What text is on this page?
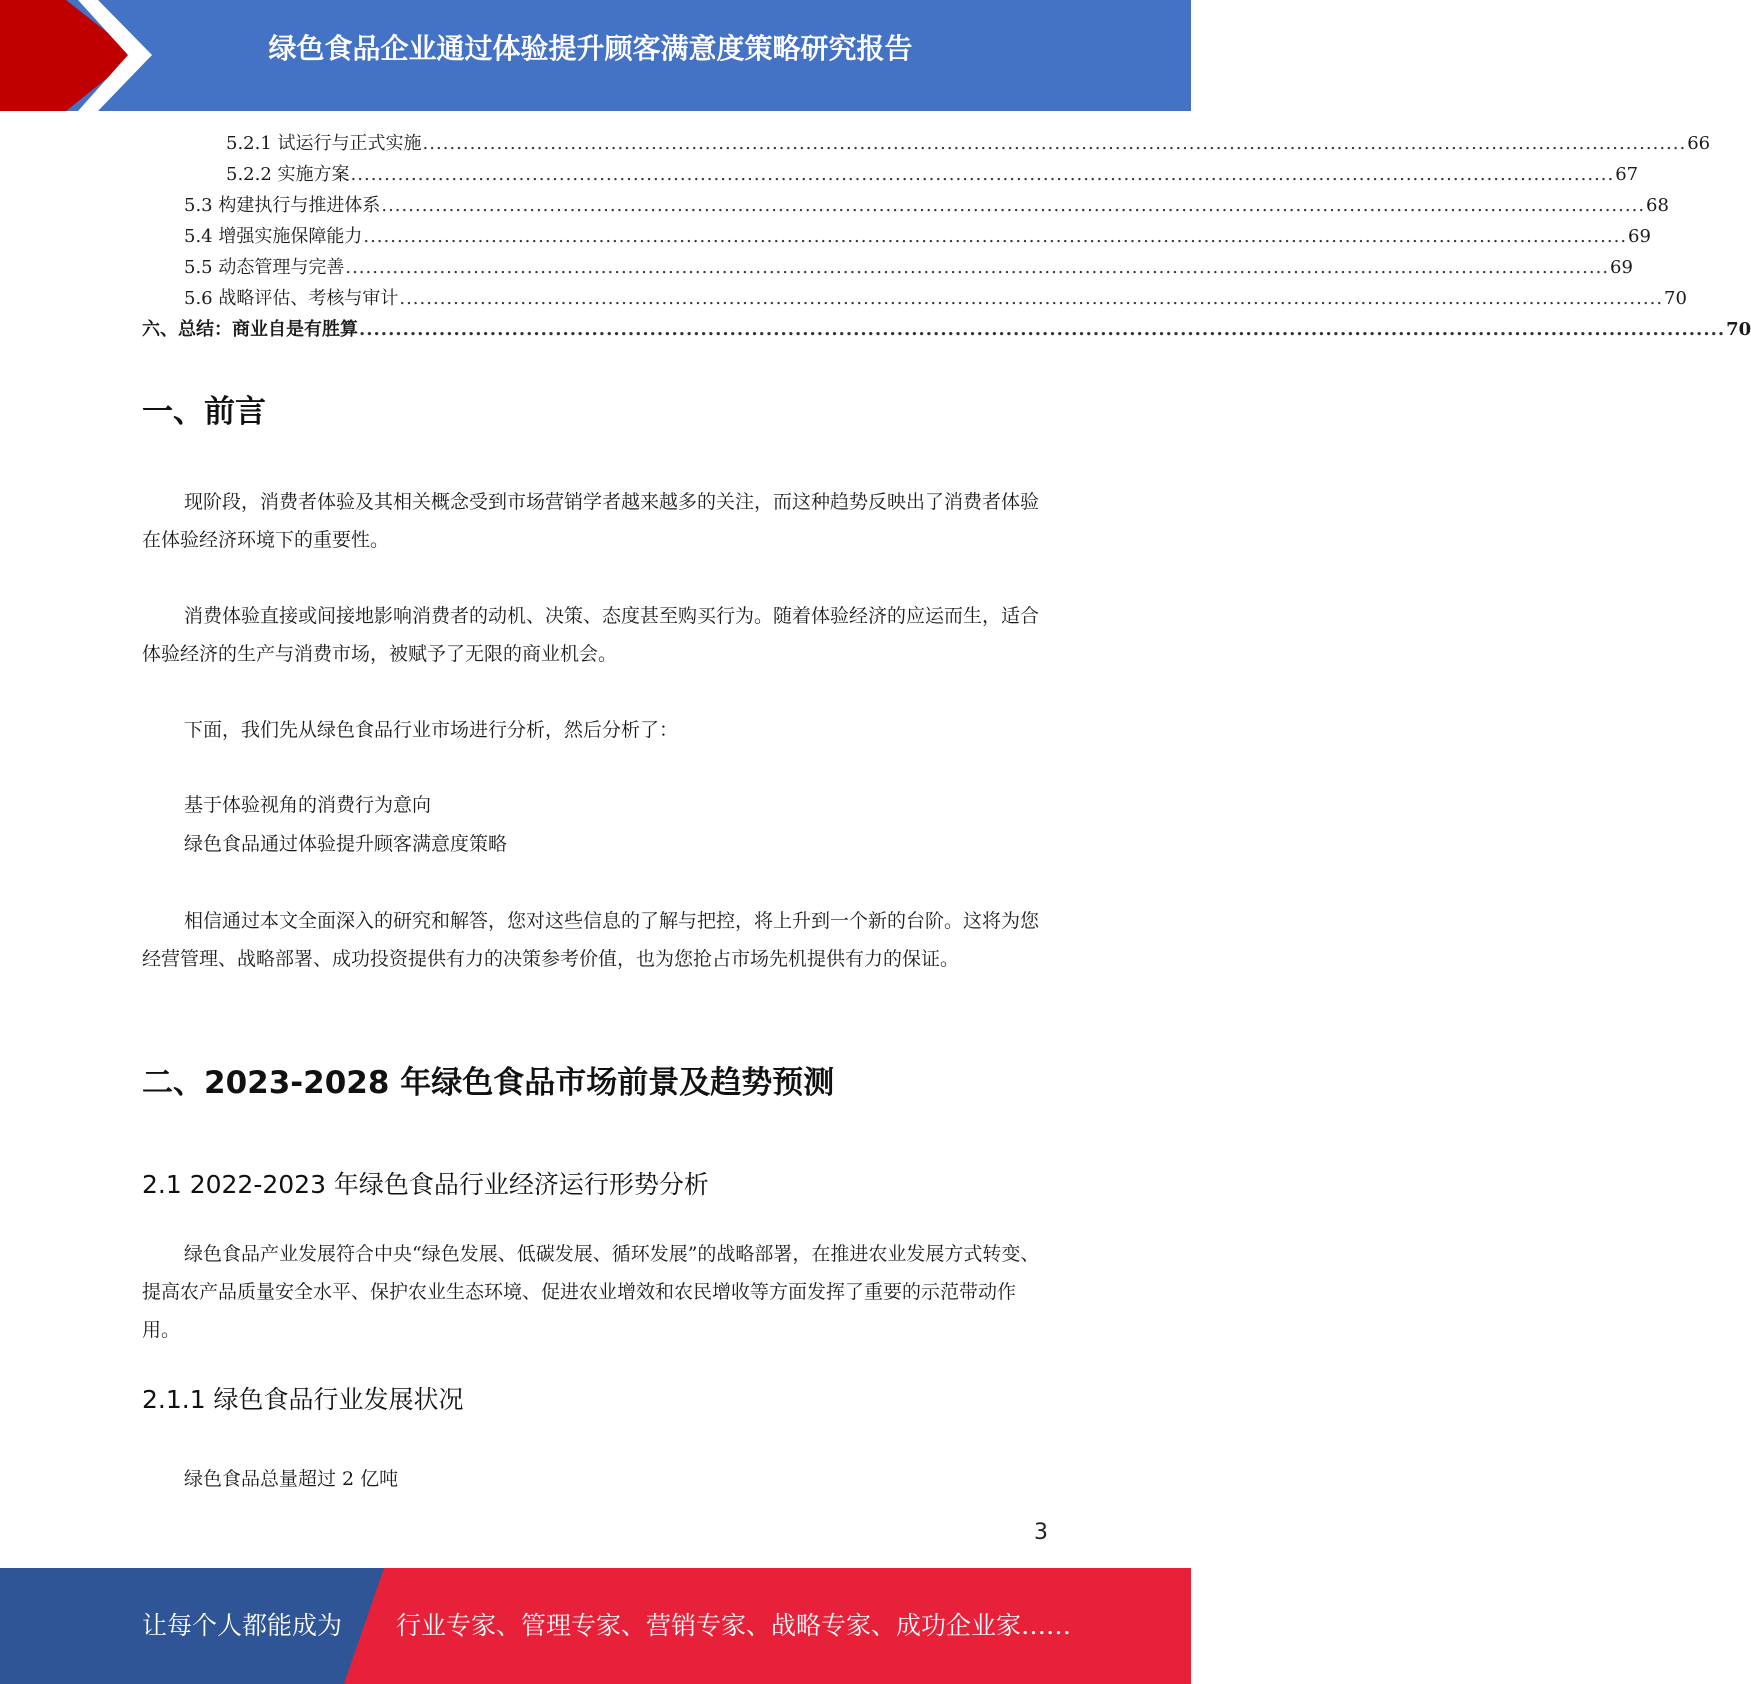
绿色食品企业通过体验提升顾客满意度策略研究报告
5.2.1 试运行与正式实施 ............................................................................................................................................................................................ 66
5.2.2 实施方案 ............................................................................................................................................................................................ 67
5.3 构建执行与推进体系 ............................................................................................................................................................................................ 68
5.4 增强实施保障能力 ............................................................................................................................................................................................ 69
5.5 动态管理与完善 ............................................................................................................................................................................................ 69
5.6 战略评估、考核与审计 ............................................................................................................................................................................................ 70
六、总结：商业自是有胜算 ............................................................................................................................................................................................ 70
一、前言

现阶段，消费者体验及其相关概念受到市场营销学者越来越多的关注，而这种趋势反映出了消费者体验在体验经济环境下的重要性。

消费体验直接或间接地影响消费者的动机、决策、态度甚至购买行为。随着体验经济的应运而生，适合体验经济的生产与消费市场，被赋予了无限的商业机会。

下面，我们先从绿色食品行业市场进行分析，然后分析了：

基于体验视角的消费行为意向
绿色食品通过体验提升顾客满意度策略

相信通过本文全面深入的研究和解答，您对这些信息的了解与把控，将上升到一个新的台阶。这将为您经营管理、战略部署、成功投资提供有力的决策参考价值，也为您抢占市场先机提供有力的保证。

二、2023-2028 年绿色食品市场前景及趋势预测
2.1 2022-2023 年绿色食品行业经济运行形势分析

绿色食品产业发展符合中央“绿色发展、低碳发展、循环发展”的战略部署，在推进农业发展方式转变、提高农产品质量安全水平、保护农业生态环境、促进农业增效和农民增收等方面发挥了重要的示范带动作用。

2.1.1 绿色食品行业发展状况
绿色食品总量超过 2 亿吨
3
让每个人都能成为 行业专家、管理专家、营销专家、战略专家、成功企业家……
